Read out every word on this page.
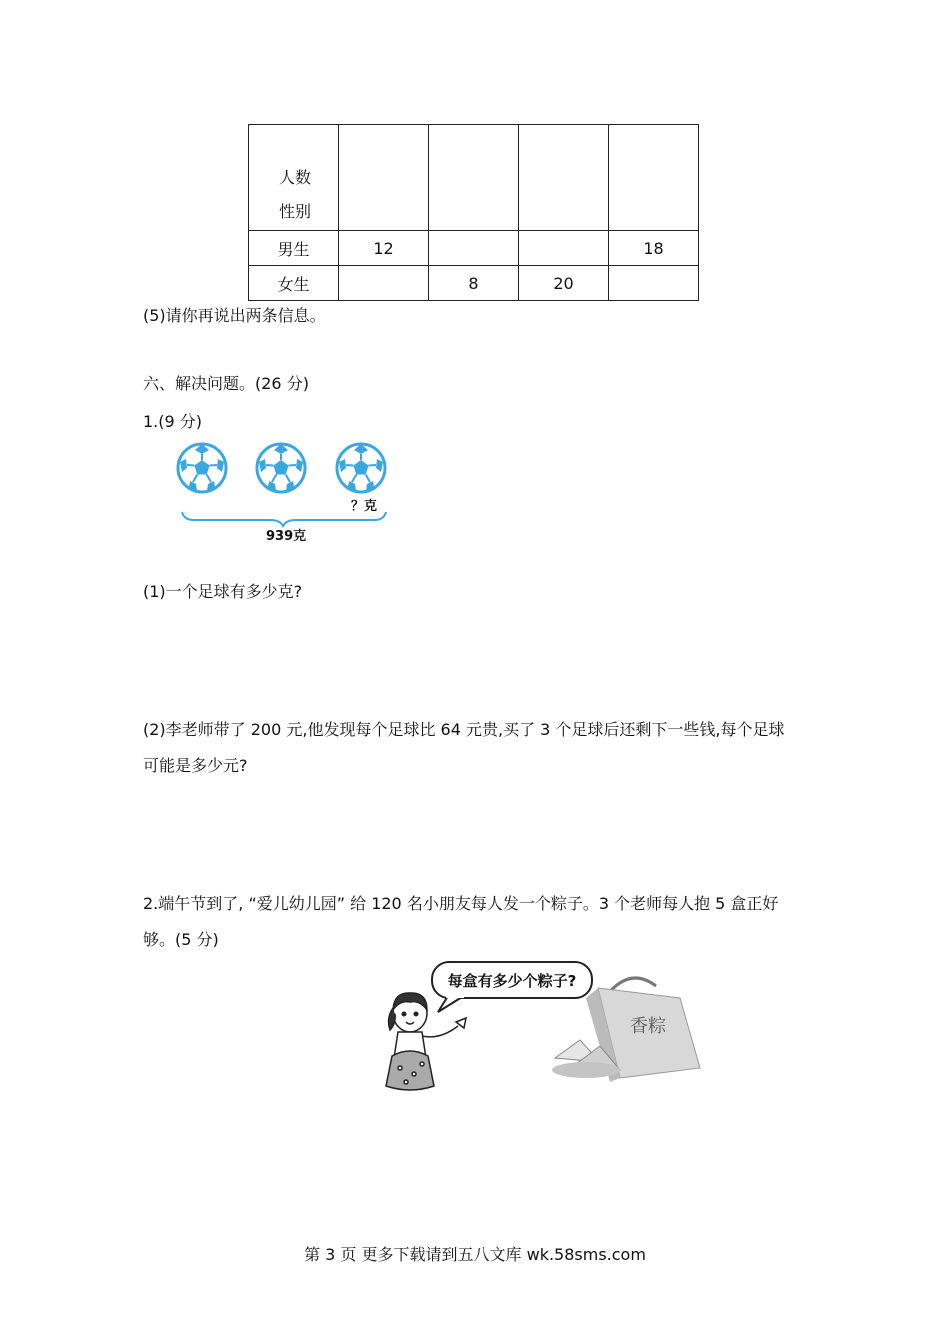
人数
性别				

男生	12			18
女生		8	20	
(5)请你再说出两条信息。
六、解决问题。(26 分)
1.(9 分)
？克
939克
(1)一个足球有多少克?
(2)李老师带了 200 元,他发现每个足球比 64 元贵,买了 3 个足球后还剩下一些钱,每个足球
可能是多少元?
2.端午节到了, “爱儿幼儿园” 给 120 名小朋友每人发一个粽子。3 个老师每人抱 5 盒正好
够。(5 分)
每盒有多少个粽子?
香粽
第 3 页 更多下载请到五八文库 wk.58sms.com
